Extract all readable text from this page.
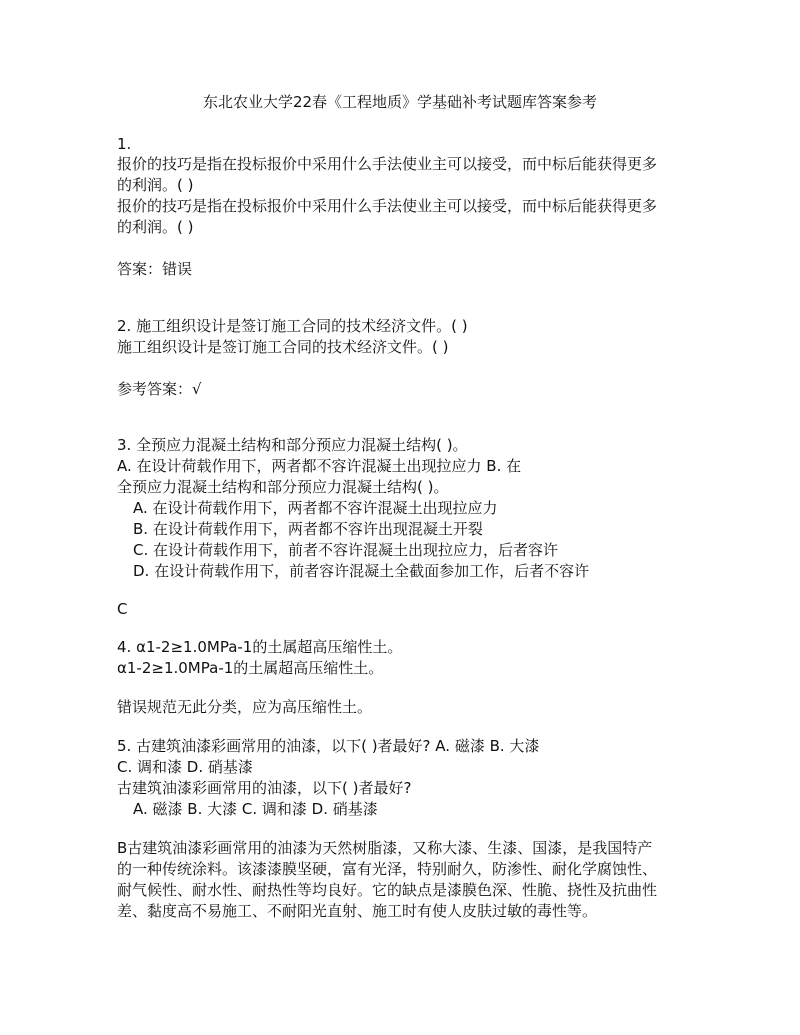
东北农业大学22春《工程地质》学基础补考试题库答案参考
1.
报价的技巧是指在投标报价中采用什么手法使业主可以接受，而中标后能获得更多
的利润。( )
报价的技巧是指在投标报价中采用什么手法使业主可以接受，而中标后能获得更多
的利润。( )
答案：错误
2. 施工组织设计是签订施工合同的技术经济文件。( )
施工组织设计是签订施工合同的技术经济文件。( )
参考答案：√
3. 全预应力混凝土结构和部分预应力混凝土结构( )。
A. 在设计荷载作用下，两者都不容许混凝土出现拉应力 B. 在
全预应力混凝土结构和部分预应力混凝土结构( )。
A. 在设计荷载作用下，两者都不容许混凝土出现拉应力
B. 在设计荷载作用下，两者都不容许出现混凝土开裂
C. 在设计荷载作用下，前者不容许混凝土出现拉应力，后者容许
D. 在设计荷载作用下，前者容许混凝土全截面参加工作，后者不容许
C
4. α1-2≥1.0MPa-1的土属超高压缩性土。
α1-2≥1.0MPa-1的土属超高压缩性土。
错误规范无此分类，应为高压缩性土。
5. 古建筑油漆彩画常用的油漆，以下( )者最好? A. 磁漆 B. 大漆
C. 调和漆 D. 硝基漆
古建筑油漆彩画常用的油漆，以下( )者最好?
A. 磁漆 B. 大漆 C. 调和漆 D. 硝基漆
B古建筑油漆彩画常用的油漆为天然树脂漆，又称大漆、生漆、国漆，是我国特产
的一种传统涂料。该漆漆膜坚硬，富有光泽，特别耐久，防渗性、耐化学腐蚀性、
耐气候性、耐水性、耐热性等均良好。它的缺点是漆膜色深、性脆、挠性及抗曲性
差、黏度高不易施工、不耐阳光直射、施工时有使人皮肤过敏的毒性等。
